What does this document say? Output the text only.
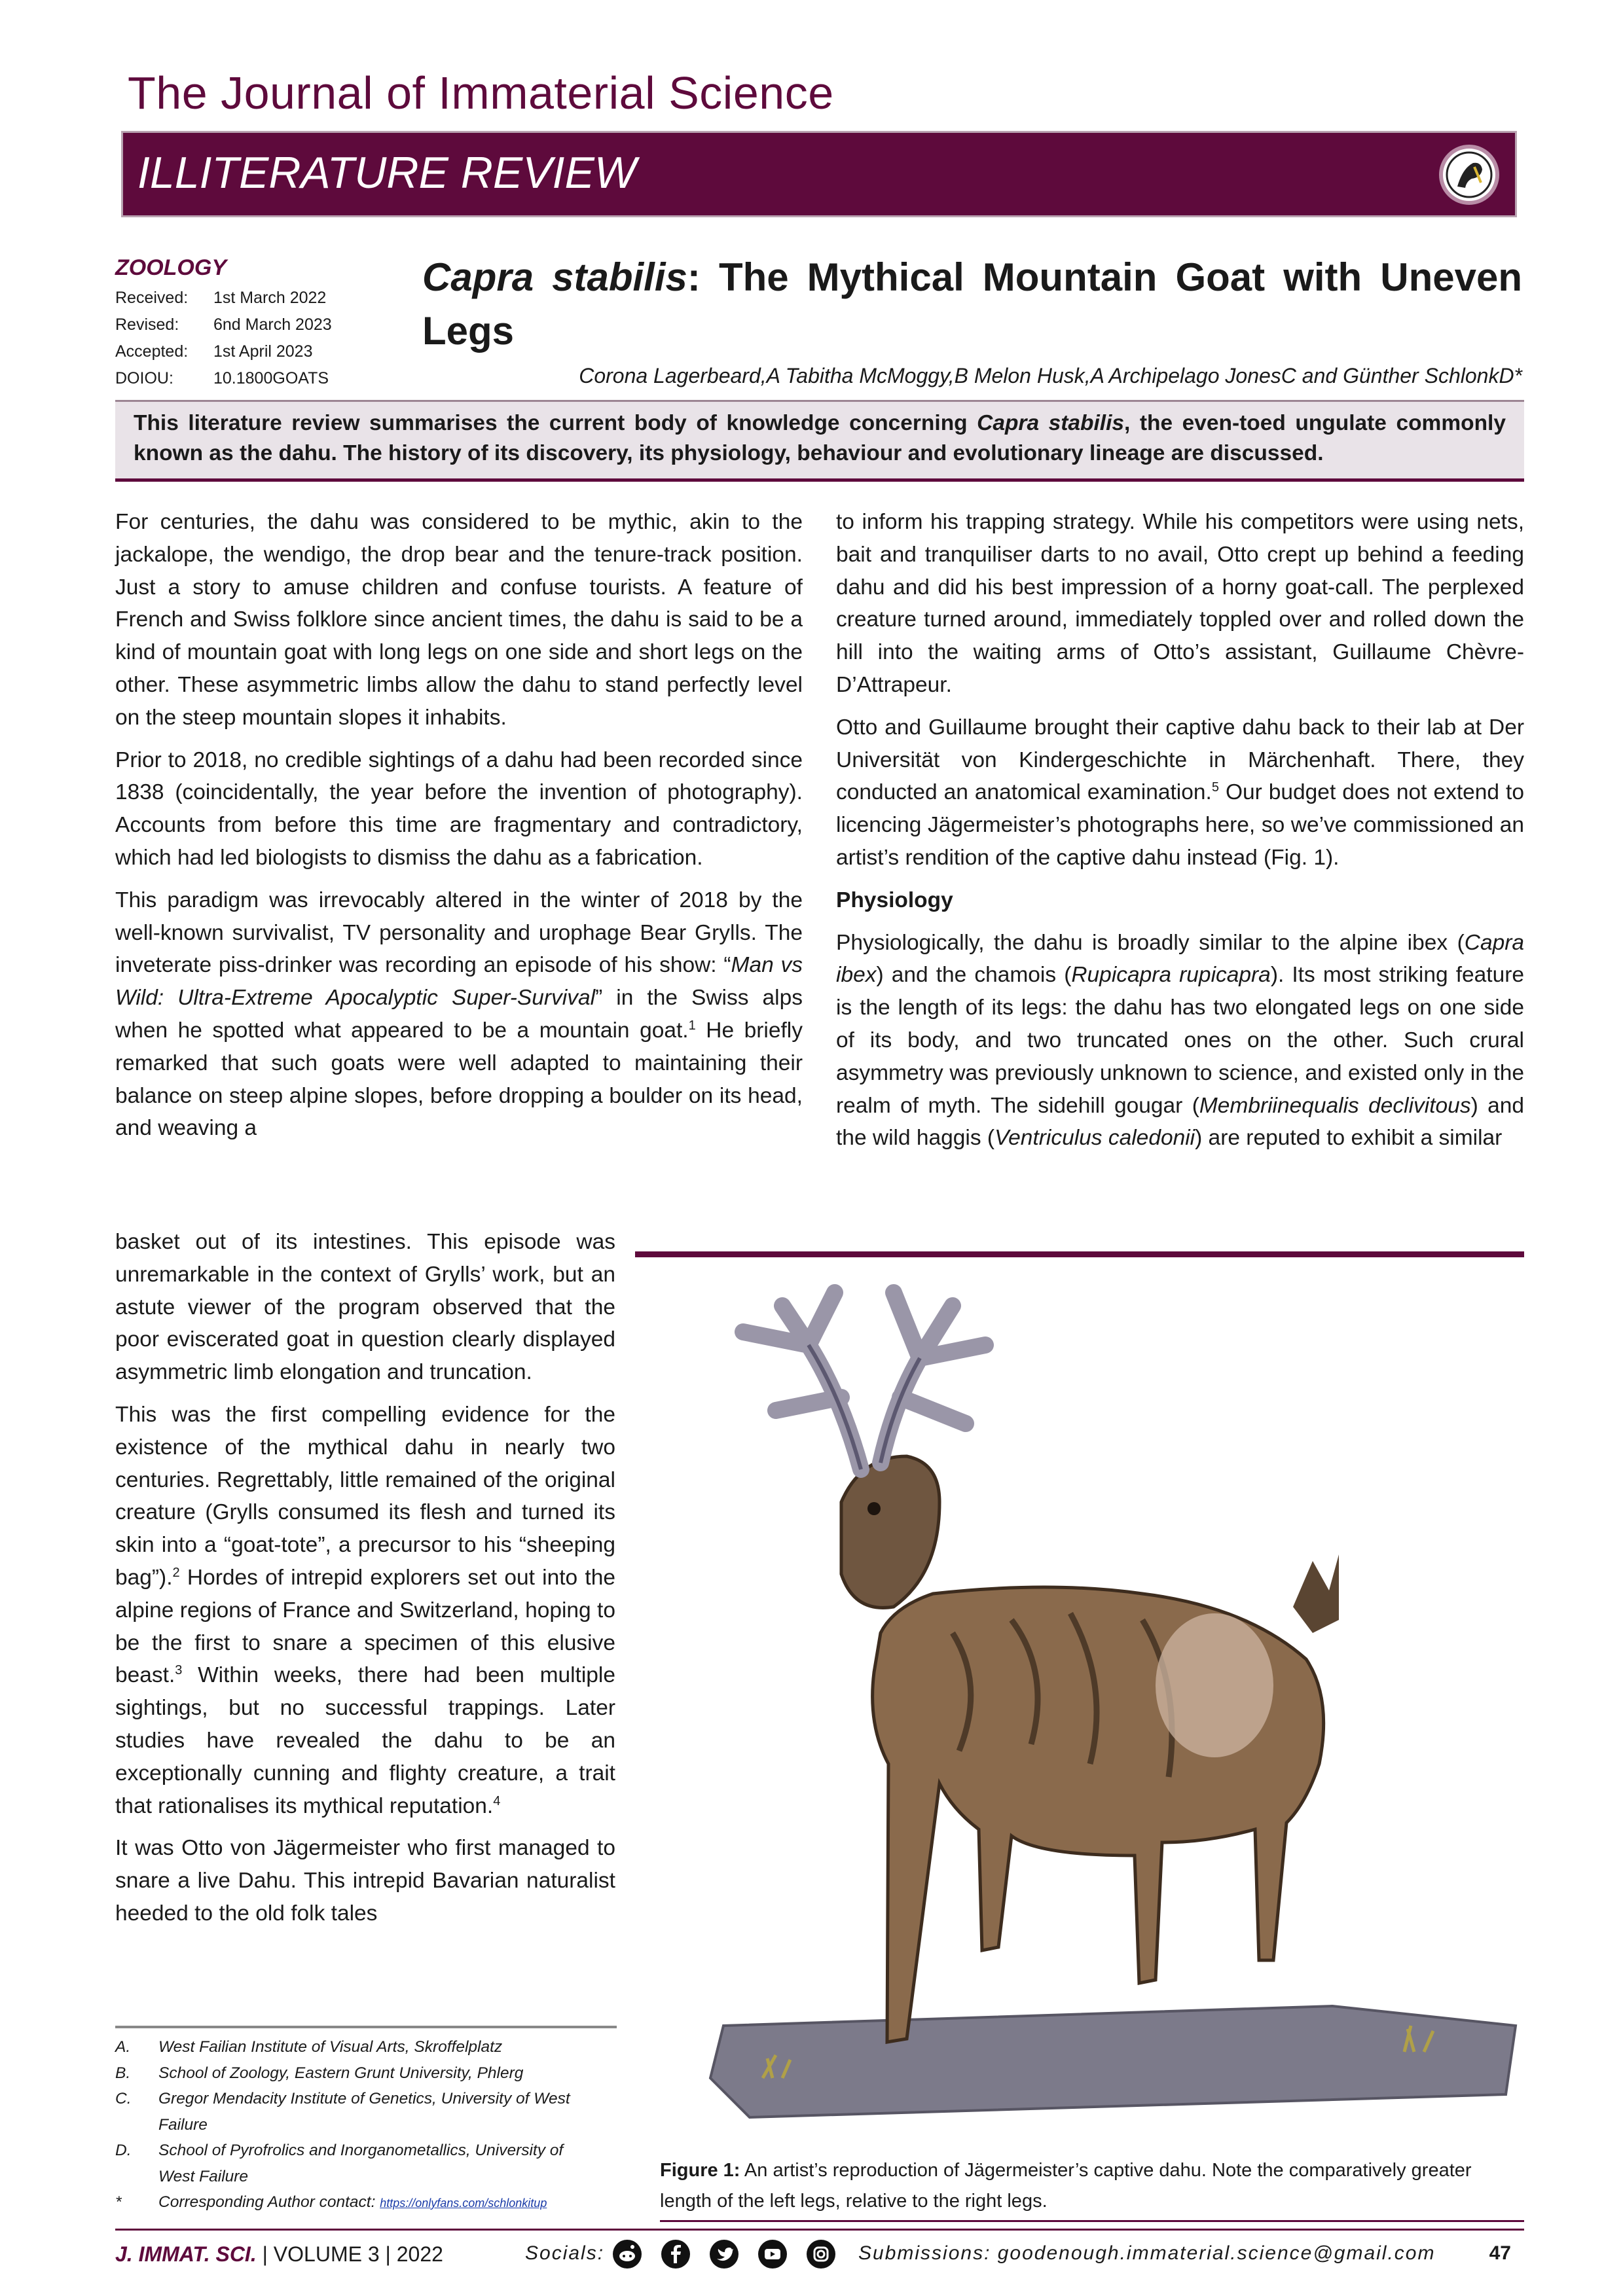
The Journal of Immaterial Science
ILLITERATURE REVIEW
ZOOLOGY
Received: 1st March 2022
Revised: 6nd March 2023
Accepted: 1st April 2023
DOIOU: 10.1800GOATS
Capra stabilis: The Mythical Mountain Goat with Uneven Legs
Corona Lagerbeard,A Tabitha McMoggy,B Melon Husk,A Archipelago JonesC and Günther SchlonkD*
This literature review summarises the current body of knowledge concerning Capra stabilis, the even-toed ungulate commonly known as the dahu. The history of its discovery, its physiology, behaviour and evolutionary lineage are discussed.

For centuries, the dahu was considered to be mythic, akin to the jackalope, the wendigo, the drop bear and the tenure-track position. Just a story to amuse children and confuse tourists. A feature of French and Swiss folklore since ancient times, the dahu is said to be a kind of mountain goat with long legs on one side and short legs on the other. These asymmetric limbs allow the dahu to stand perfectly level on the steep mountain slopes it inhabits.

Prior to 2018, no credible sightings of a dahu had been recorded since 1838 (coincidentally, the year before the invention of photography). Accounts from before this time are fragmentary and contradictory, which had led biologists to dismiss the dahu as a fabrication.

This paradigm was irrevocably altered in the winter of 2018 by the well-known survivalist, TV personality and urophage Bear Grylls. The inveterate piss-drinker was recording an episode of his show: “Man vs Wild: Ultra-Extreme Apocalyptic Super-Survival” in the Swiss alps when he spotted what appeared to be a mountain goat.$^1$ He briefly remarked that such goats were well adapted to maintaining their balance on steep alpine slopes, before dropping a boulder on its head, and weaving a

basket out of its intestines. This episode was unremarkable in the context of Grylls’ work, but an astute viewer of the program observed that the poor eviscerated goat in question clearly displayed asymmetric limb elongation and truncation.

This was the first compelling evidence for the existence of the mythical dahu in nearly two centuries. Regrettably, little remained of the original creature (Grylls consumed its flesh and turned its skin into a “goat-tote”, a precursor to his “sheeping bag”).$^2$ Hordes of intrepid explorers set out into the alpine regions of France and Switzerland, hoping to be the first to snare a specimen of this elusive beast.$^3$ Within weeks, there had been multiple sightings, but no successful trappings. Later studies have revealed the dahu to be an exceptionally cunning and flighty creature, a trait that rationalises its mythical reputation.$^4$

It was Otto von Jägermeister who first managed to snare a live Dahu. This intrepid Bavarian naturalist heeded to the old folk tales

to inform his trapping strategy. While his competitors were using nets, bait and tranquiliser darts to no avail, Otto crept up behind a feeding dahu and did his best impression of a horny goat-call. The perplexed creature turned around, immediately toppled over and rolled down the hill into the waiting arms of Otto’s assistant, Guillaume Chèvre-D’Attrapeur.

Otto and Guillaume brought their captive dahu back to their lab at Der Universität von Kindergeschichte in Märchenhaft. There, they conducted an anatomical examination.$^5$ Our budget does not extend to licencing Jägermeister’s photographs here, so we’ve commissioned an artist’s rendition of the captive dahu instead (Fig. 1).

Physiology

Physiologically, the dahu is broadly similar to the alpine ibex (Capra ibex) and the chamois (Rupicapra rupicapra). Its most striking feature is the length of its legs: the dahu has two elongated legs on one side of its body, and two truncated ones on the other. Such crural asymmetry was previously unknown to science, and existed only in the realm of myth. The sidehill gougar (Membriinequalis declivitous) and the wild haggis (Ventriculus caledonii) are reputed to exhibit a similar

Figure 1: An artist’s reproduction of Jägermeister’s captive dahu. Note the comparatively greater length of the left legs, relative to the right legs.
A.	West Failian Institute of Visual Arts, Skroffelplatz
B.	School of Zoology, Eastern Grunt University, Phlerg
C.	Gregor Mendacity Institute of Genetics, University of West Failure
D.	School of Pyrofrolics and Inorganometallics, University of West Failure
*	Corresponding Author contact: https://onlyfans.com/schlonkitup
J. IMMAT. SCI. | VOLUME 3 | 2022	Socials:	Submissions: goodenough.immaterial.science@gmail.com	47
